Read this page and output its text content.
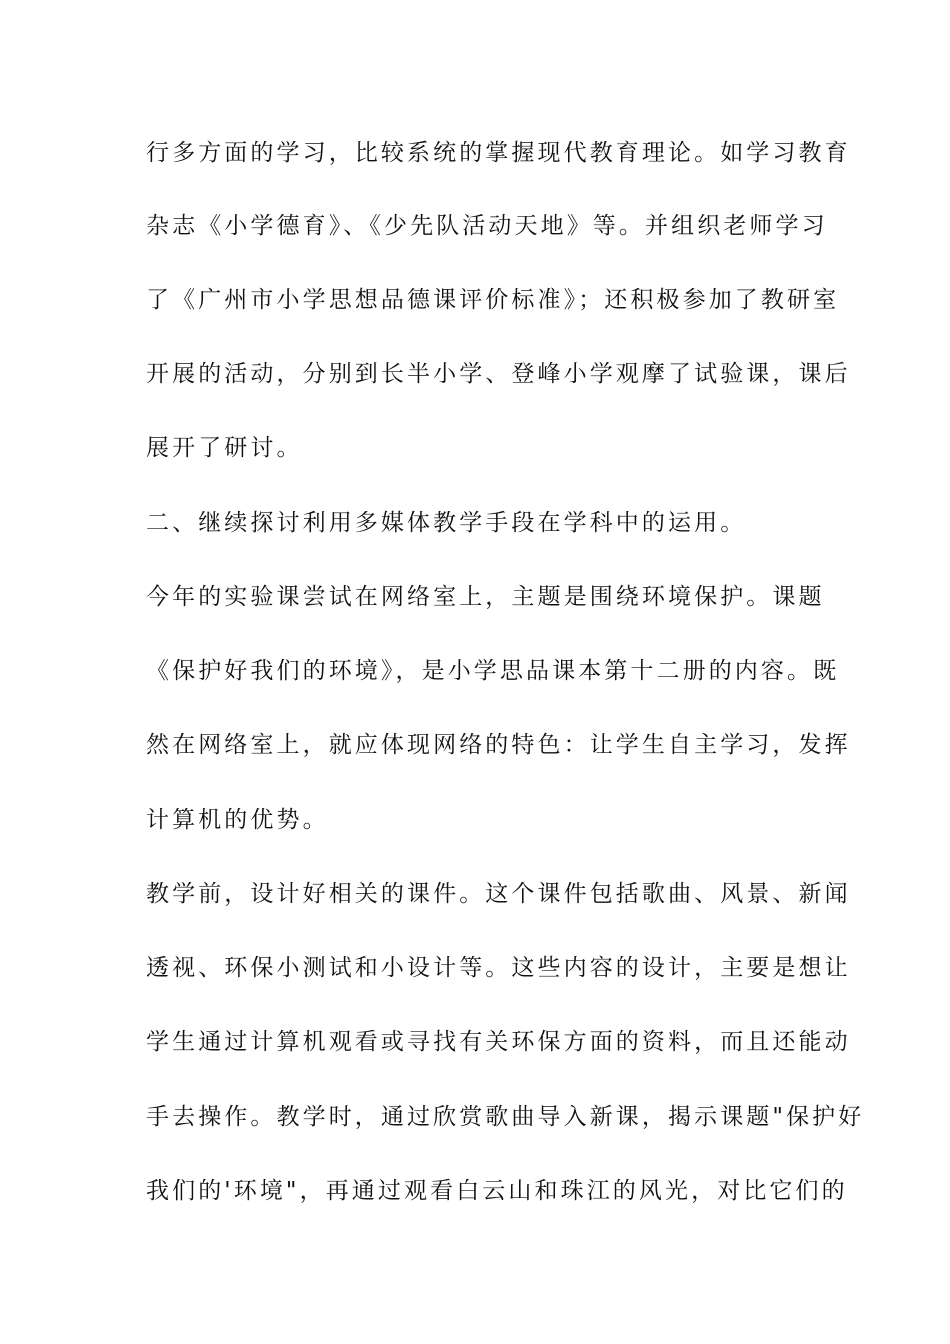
行多方面的学习，比较系统的掌握现代教育理论。如学习教育
杂志《小学德育》、《少先队活动天地》等。并组织老师学习
了《广州市小学思想品德课评价标准》；还积极参加了教研室
开展的活动，分别到长半小学、登峰小学观摩了试验课，课后
展开了研讨。
二、继续探讨利用多媒体教学手段在学科中的运用。
今年的实验课尝试在网络室上，主题是围绕环境保护。课题
《保护好我们的环境》，是小学思品课本第十二册的内容。既
然在网络室上，就应体现网络的特色：让学生自主学习，发挥
计算机的优势。
教学前，设计好相关的课件。这个课件包括歌曲、风景、新闻
透视、环保小测试和小设计等。这些内容的设计，主要是想让
学生通过计算机观看或寻找有关环保方面的资料，而且还能动
手去操作。教学时，通过欣赏歌曲导入新课，揭示课题"保护好
我们的'环境"，再通过观看白云山和珠江的风光，对比它们的
